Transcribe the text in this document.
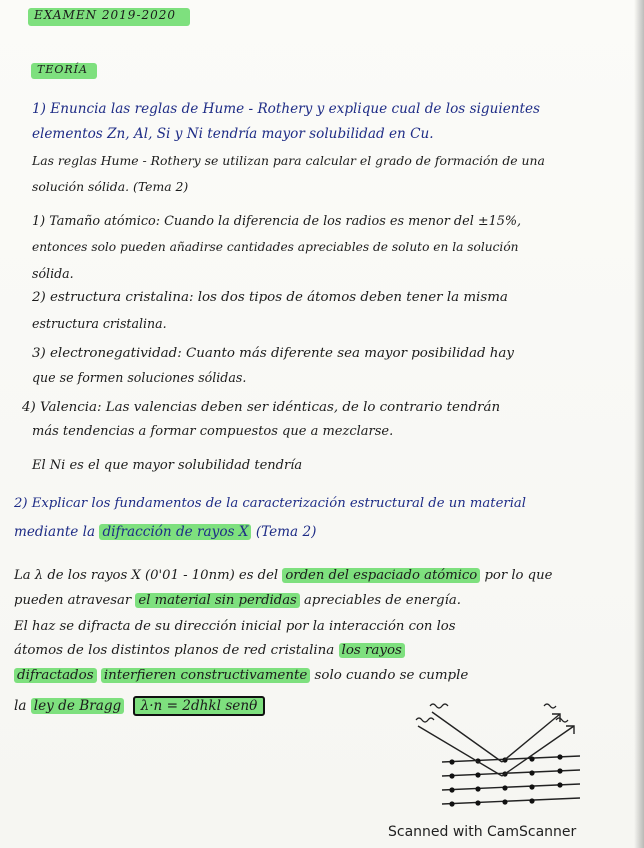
EXAMEN 2019-2020
TEORÍA
1) Enuncia las reglas de Hume - Rothery y explique cual de los siguientes
elementos Zn, Al, Si y Ni tendría mayor solubilidad en Cu.
Las reglas Hume - Rothery se utilizan para calcular el grado de formación de una
solución sólida. (Tema 2)
1) Tamaño atómico: Cuando la diferencia de los radios es menor del ±15%,
entonces solo pueden añadirse cantidades apreciables de soluto en la solución
sólida.
2) estructura cristalina: los dos tipos de átomos deben tener la misma
estructura cristalina.
3) electronegatividad: Cuanto más diferente sea mayor posibilidad hay
que se formen soluciones sólidas.
4) Valencia: Las valencias deben ser idénticas, de lo contrario tendrán
más tendencias a formar compuestos que a mezclarse.
El Ni es el que mayor solubilidad tendría
2) Explicar los fundamentos de la caracterización estructural de un material
mediante la difracción de rayos X (Tema 2)
La λ de los rayos X (0'01 - 10nm) es del orden del espaciado atómico por lo que
pueden atravesar el material sin perdidas apreciables de energía.
El haz se difracta de su dirección inicial por la interacción con los
átomos de los distintos planos de red cristalina los rayos
difractados interfieren constructivamente solo cuando se cumple
la ley de Bragg λ·n = 2dhkl senθ
Scanned with CamScanner
